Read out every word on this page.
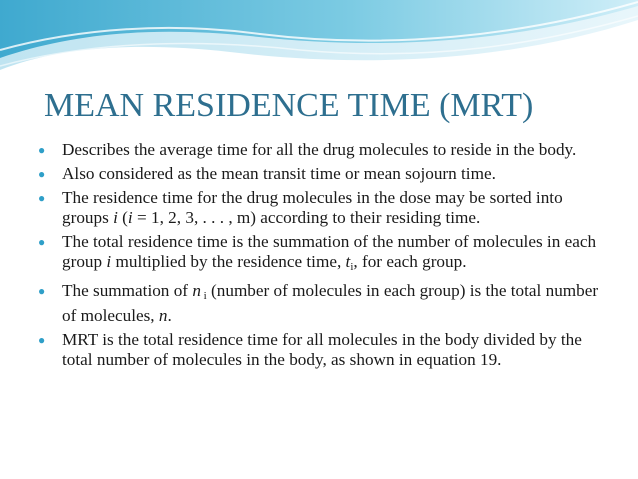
MEAN RESIDENCE TIME (MRT)
● Describes the average time for all the drug molecules to reside in the body.
● Also considered as the mean transit time or mean sojourn time.
● The residence time for the drug molecules in the dose may be sorted into groups i (i = 1, 2, 3, . . . , m) according to their residing time.
● The total residence time is the summation of the number of molecules in each group i multiplied by the residence time, $t_i$, for each group.
● The summation of n $_i$ (number of molecules in each group) is the total number of molecules, n.
● MRT is the total residence time for all molecules in the body divided by the total number of molecules in the body, as shown in equation 19.
